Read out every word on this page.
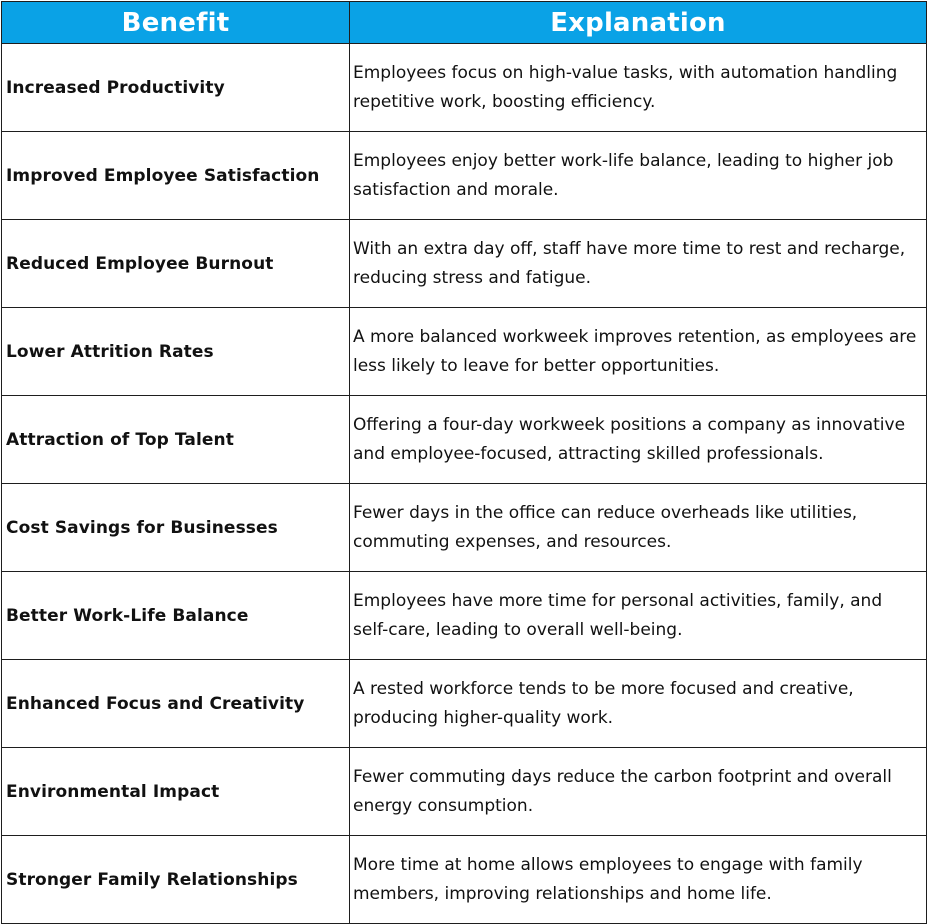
Benefit	Explanation
Increased Productivity	Employees focus on high-value tasks, with automation handling repetitive work, boosting efficiency.
Improved Employee Satisfaction	Employees enjoy better work-life balance, leading to higher job satisfaction and morale.
Reduced Employee Burnout	With an extra day off, staff have more time to rest and recharge, reducing stress and fatigue.
Lower Attrition Rates	A more balanced workweek improves retention, as employees are less likely to leave for better opportunities.
Attraction of Top Talent	Offering a four-day workweek positions a company as innovative and employee-focused, attracting skilled professionals.
Cost Savings for Businesses	Fewer days in the office can reduce overheads like utilities, commuting expenses, and resources.
Better Work-Life Balance	Employees have more time for personal activities, family, and self-care, leading to overall well-being.
Enhanced Focus and Creativity	A rested workforce tends to be more focused and creative, producing higher-quality work.
Environmental Impact	Fewer commuting days reduce the carbon footprint and overall energy consumption.
Stronger Family Relationships	More time at home allows employees to engage with family members, improving relationships and home life.
